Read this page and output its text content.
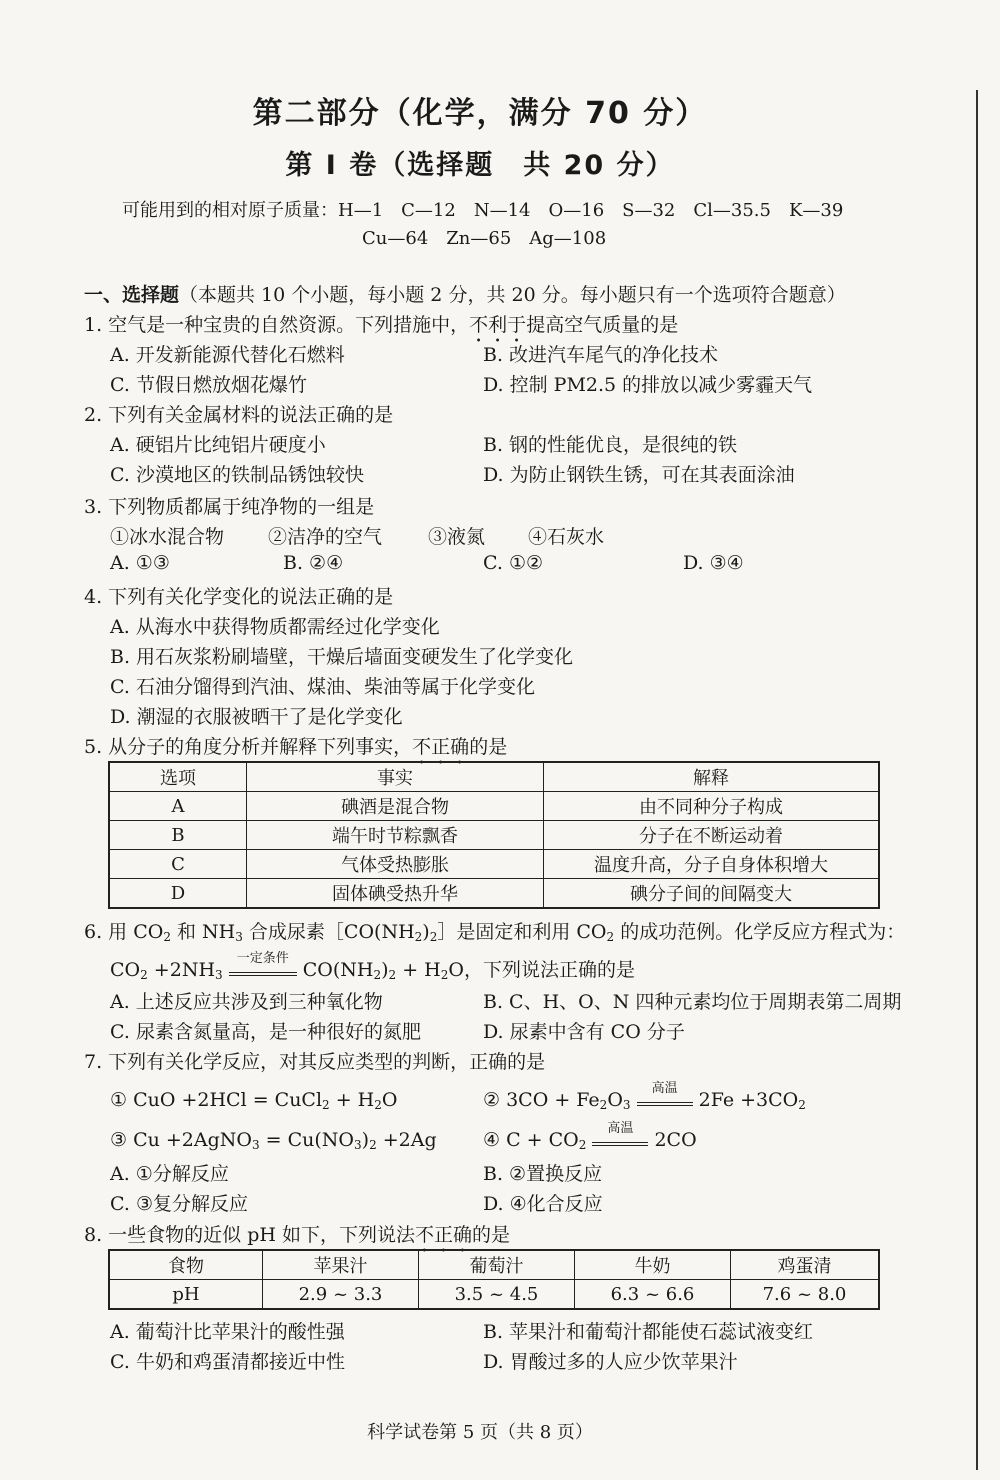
第二部分（化学，满分 70 分）
第 Ⅰ 卷（选择题　共 20 分）
可能用到的相对原子质量：H—1　C—12　N—14　O—16　S—32　Cl—35.5　K—39
Cu—64　Zn—65　Ag—108
一、选择题（本题共 10 个小题，每小题 2 分，共 20 分。每小题只有一个选项符合题意）
1. 空气是一种宝贵的自然资源。下列措施中，不利于提高空气质量的是
A. 开发新能源代替化石燃料	B. 改进汽车尾气的净化技术
C. 节假日燃放烟花爆竹	D. 控制 PM2.5 的排放以减少雾霾天气
2. 下列有关金属材料的说法正确的是
A. 硬铝片比纯铝片硬度小	B. 钢的性能优良，是很纯的铁
C. 沙漠地区的铁制品锈蚀较快	D. 为防止钢铁生锈，可在其表面涂油
3. 下列物质都属于纯净物的一组是
①冰水混合物 ②洁净的空气 ③液氮 ④石灰水
A. ①③	B. ②④	C. ①②	D. ③④
4. 下列有关化学变化的说法正确的是
A. 从海水中获得物质都需经过化学变化
B. 用石灰浆粉刷墙壁，干燥后墙面变硬发生了化学变化
C. 石油分馏得到汽油、煤油、柴油等属于化学变化
D. 潮湿的衣服被晒干了是化学变化
5. 从分子的角度分析并解释下列事实，不正确的是
选项	事实	解释
A	碘酒是混合物	由不同种分子构成
B	端午时节粽飘香	分子在不断运动着
C	气体受热膨胀	温度升高，分子自身体积增大
D	固体碘受热升华	碘分子间的间隔变大
6. 用 $CO_2$ 和 $NH_3$ 合成尿素$[CO(NH_2)_2]$是固定和利用 $CO_2$ 的成功范例。化学反应方程式为：
$CO_2 +2NH_3$
一定条件
$CO(NH_2)_2 + H_2O$，下列说法正确的是
A. 上述反应共涉及到三种氧化物	B. C、H、O、N 四种元素均位于周期表第二周期
C. 尿素含氮量高，是一种很好的氮肥	D. 尿素中含有 CO 分子
7. 下列有关化学反应，对其反应类型的判断，正确的是
① CuO +2HCl = CuCl$_2$ + $H_2O$	② $3CO + Fe_2O_3$
高温
$2Fe +3CO_2$
③ Cu +2AgNO$_3$ = $Cu(NO_3)_2 +2Ag$ ④ $C + CO_2$
高温
2CO
A. ①分解反应	B. ②置换反应
C. ③复分解反应	D. ④化合反应
8. 一些食物的近似 pH 如下，下列说法不正确的是
食物	苹果汁	葡萄汁	牛奶	鸡蛋清
pH	2.9 ~ 3.3	3.5 ~ 4.5	6.3 ~ 6.6	7.6 ~ 8.0
A. 葡萄汁比苹果汁的酸性强	B. 苹果汁和葡萄汁都能使石蕊试液变红
C. 牛奶和鸡蛋清都接近中性	D. 胃酸过多的人应少饮苹果汁
科学试卷第 5 页（共 8 页）
